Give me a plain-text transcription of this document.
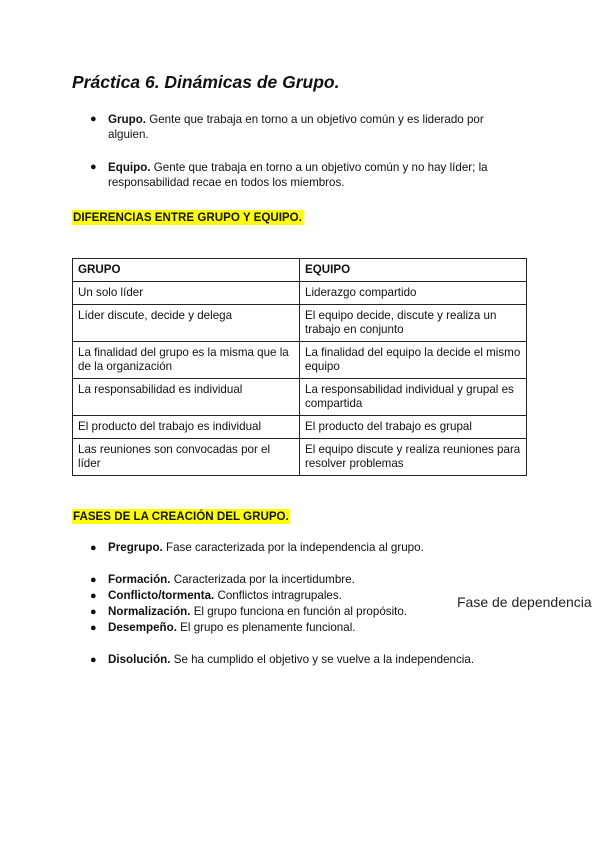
Práctica 6. Dinámicas de Grupo.
● Grupo. Gente que trabaja en torno a un objetivo común y es liderado por alguien.
● Equipo. Gente que trabaja en torno a un objetivo común y no hay líder; la responsabilidad recae en todos los miembros.
DIFERENCIAS ENTRE GRUPO Y EQUIPO.
GRUPO	EQUIPO
Un solo líder	Liderazgo compartido
Líder discute, decide y delega	El equipo decide, discute y realiza un trabajo en conjunto
La finalidad del grupo es la misma que la de la organización	La finalidad del equipo la decide el mismo equipo
La responsabilidad es individual	La responsabilidad individual y grupal es compartida
El producto del trabajo es individual	El producto del trabajo es grupal
Las reuniones son convocadas por el líder	El equipo discute y realiza reuniones para resolver problemas
FASES DE LA CREACIÓN DEL GRUPO.
● Pregrupo. Fase caracterizada por la independencia al grupo.
● Formación. Caracterizada por la incertidumbre.
● Conflicto/tormenta. Conflictos intragrupales.
● Normalización. El grupo funciona en función al propósito.
● Desempeño. El grupo es plenamente funcional.
● Disolución. Se ha cumplido el objetivo y se vuelve a la independencia.
Fase de dependencia
